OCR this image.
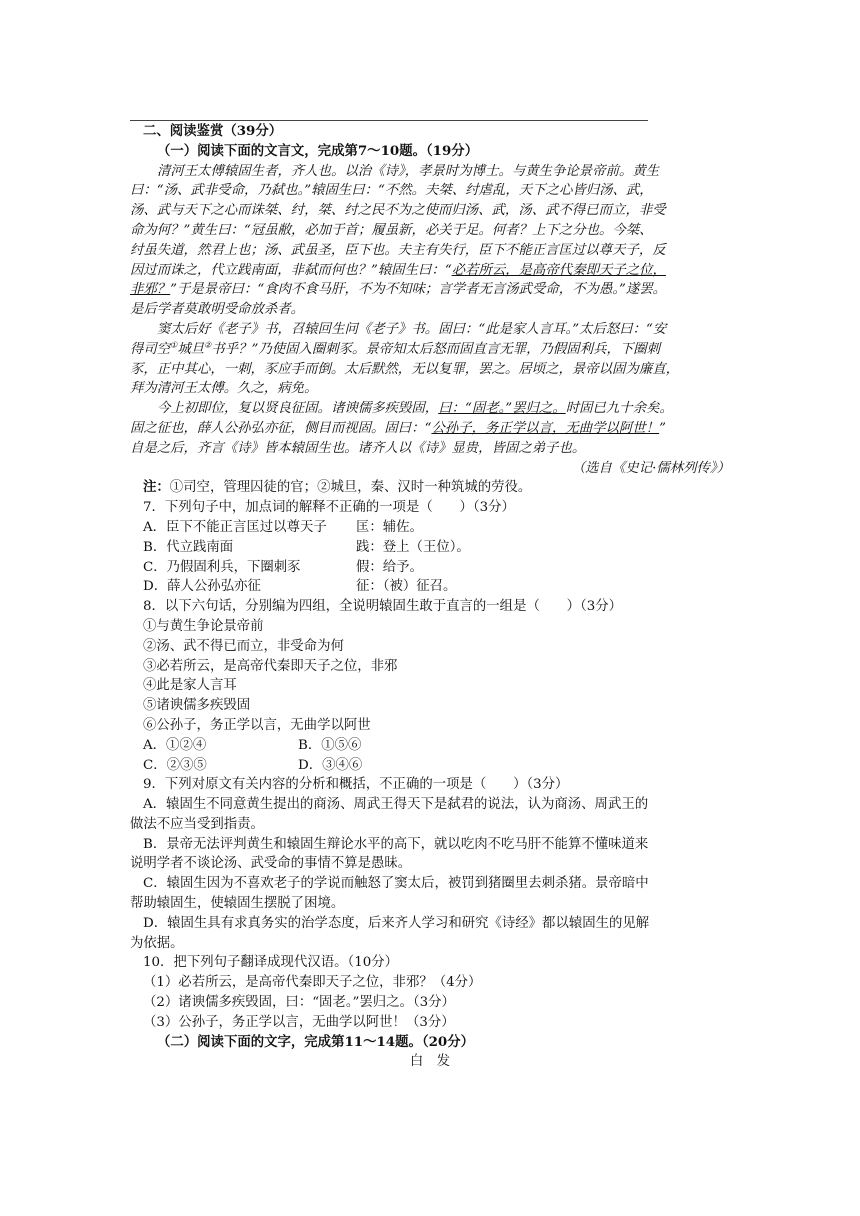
二、阅读鉴赏（39分）
（一）阅读下面的文言文，完成第7～10题。（19分）
清河王太傅辕固生者，齐人也。以治《诗》，孝景时为博士。与黄生争论景帝前。黄生
曰：“汤、武非受命，乃弑也。”辕固生曰：“不然。夫桀、纣虐乱，天下之心皆归汤、武，
汤、武与天下之心而诛桀、纣，桀、纣之民不为之使而归汤、武，汤、武不得已而立，非受
命为何？”黄生曰：“冠虽敝，必加于首；履虽新，必关于足。何者？上下之分也。今桀、
纣虽失道，然君上也；汤、武虽圣，臣下也。夫主有失行，臣下不能正言匡过以尊天子，反
因过而诛之，代立践南面，非弑而何也？”辕固生曰：“必若所云，是高帝代秦即天子之位，
非邪？”于是景帝曰：“食肉不食马肝，不为不知味；言学者无言汤武受命，不为愚。”遂罢。
是后学者莫敢明受命放杀者。
窦太后好《老子》书，召辕回生问《老子》书。固曰：“此是家人言耳。”太后怒曰：“安
得司空①城旦②书乎？”乃使固入圈刺豕。景帝知太后怒而固直言无罪，乃假固利兵，下圈刺
豕，正中其心，一刺，豕应手而倒。太后默然，无以复罪，罢之。居顷之，景帝以固为廉直，
拜为清河王太傅。久之，病免。
今上初即位，复以贤良征固。诸谀儒多疾毁固，曰：“固老。”罢归之。时固已九十余矣。
固之征也，薛人公孙弘亦征，侧目而视固。固曰：“公孙子，务正学以言，无曲学以阿世！”
自是之后，齐言《诗》皆本辕固生也。诸齐人以《诗》显贵，皆固之弟子也。
（选自《史记·儒林列传》）
注：①司空，管理囚徒的官；②城旦，秦、汉时一种筑城的劳役。
7．下列句子中，加点词的解释不正确的一项是（　　）（3分）
A．臣下不能正言匡过以尊天子	匡：辅佐。
B．代立践南面	践：登上（王位）。
C．乃假固利兵，下圈刺豕	假：给予。
D．薛人公孙弘亦征	征：（被）征召。
8．以下六句话，分别编为四组，全说明辕固生敢于直言的一组是（　　）（3分）
①与黄生争论景帝前
②汤、武不得已而立，非受命为何
③必若所云，是高帝代秦即天子之位，非邪
④此是家人言耳
⑤诸谀儒多疾毁固
⑥公孙子，务正学以言，无曲学以阿世
A．①②④	B．①⑤⑥
C．②③⑤	D．③④⑥
9．下列对原文有关内容的分析和概括，不正确的一项是（　　）（3分）
A．辕固生不同意黄生提出的商汤、周武王得天下是弑君的说法，认为商汤、周武王的
做法不应当受到指责。
B．景帝无法评判黄生和辕固生辩论水平的高下，就以吃肉不吃马肝不能算不懂味道来
说明学者不谈论汤、武受命的事情不算是愚昧。
C．辕固生因为不喜欢老子的学说而触怒了窦太后，被罚到猪圈里去刺杀猪。景帝暗中
帮助辕固生，使辕固生摆脱了困境。
D．辕固生具有求真务实的治学态度，后来齐人学习和研究《诗经》都以辕固生的见解
为依据。
10．把下列句子翻译成现代汉语。（10分）
（1）必若所云，是高帝代秦即天子之位，非邪？（4分）
（2）诸谀儒多疾毁固，曰：“固老。”罢归之。（3分）
（3）公孙子，务正学以言，无曲学以阿世！（3分）
（二）阅读下面的文字，完成第11～14题。（20分）
白　发
